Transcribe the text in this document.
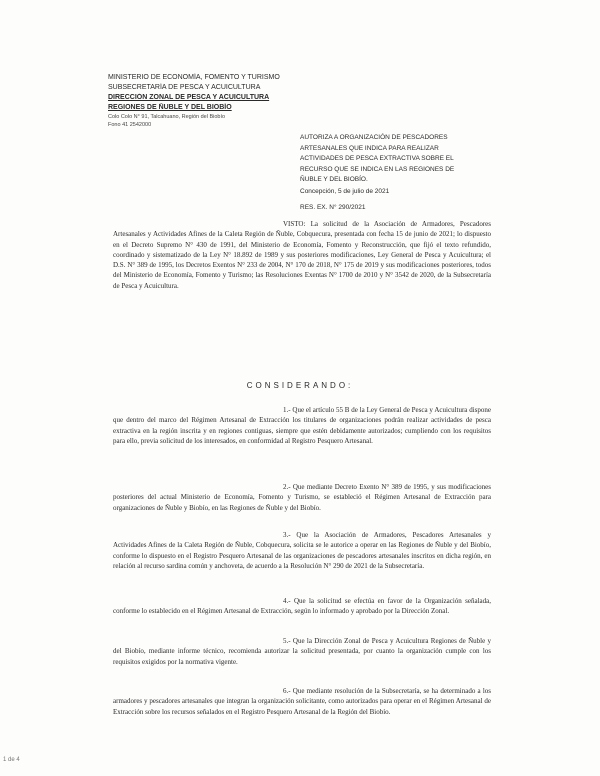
MINISTERIO DE ECONOMÍA, FOMENTO Y TURISMO
SUBSECRETARÍA DE PESCA Y ACUICULTURA
DIRECCIÓN ZONAL DE PESCA Y ACUICULTURA
REGIONES DE ÑUBLE Y DEL BIOBÍO
Colo Colo N° 91, Talcahuano, Región del Biobío
Fono 41 2542000
AUTORIZA A ORGANIZACIÓN DE PESCADORES ARTESANALES QUE INDICA PARA REALIZAR ACTIVIDADES DE PESCA EXTRACTIVA SOBRE EL RECURSO QUE SE INDICA EN LAS REGIONES DE ÑUBLE Y DEL BIOBÍO.
Concepción, 5 de julio de 2021
RES. EX. N° 290/2021

VISTO: La solicitud de la Asociación de Armadores, Pescadores Artesanales y Actividades Afines de la Caleta Región de Ñuble, Cobquecura, presentada con fecha 15 de junio de 2021; lo dispuesto en el Decreto Supremo N° 430 de 1991, del Ministerio de Economía, Fomento y Reconstrucción, que fijó el texto refundido, coordinado y sistematizado de la Ley N° 18.892 de 1989 y sus posteriores modificaciones, Ley General de Pesca y Acuicultura; el D.S. N° 389 de 1995, los Decretos Exentos N° 233 de 2004, N° 170 de 2018, N° 175 de 2019 y sus modificaciones posteriores, todos del Ministerio de Economía, Fomento y Turismo; las Resoluciones Exentas N° 1700 de 2010 y N° 3542 de 2020, de la Subsecretaría de Pesca y Acuicultura.

CONSIDERANDO:

1.- Que el artículo 55 B de la Ley General de Pesca y Acuicultura dispone que dentro del marco del Régimen Artesanal de Extracción los titulares de organizaciones podrán realizar actividades de pesca extractiva en la región inscrita y en regiones contiguas, siempre que estén debidamente autorizados; cumpliendo con los requisitos para ello, previa solicitud de los interesados, en conformidad al Registro Pesquero Artesanal.

2.- Que mediante Decreto Exento N° 389 de 1995, y sus modificaciones posteriores del actual Ministerio de Economía, Fomento y Turismo, se estableció el Régimen Artesanal de Extracción para organizaciones de Ñuble y Biobío, en las Regiones de Ñuble y del Biobío.

3.- Que la Asociación de Armadores, Pescadores Artesanales y Actividades Afines de la Caleta Región de Ñuble, Cobquecura, solicita se le autorice a operar en las Regiones de Ñuble y del Biobío, conforme lo dispuesto en el Registro Pesquero Artesanal de las organizaciones de pescadores artesanales inscritos en dicha región, en relación al recurso sardina común y anchoveta, de acuerdo a la Resolución N° 290 de 2021 de la Subsecretaría.

4.- Que la solicitud se efectúa en favor de la Organización señalada, conforme lo establecido en el Régimen Artesanal de Extracción, según lo informado y aprobado por la Dirección Zonal.

5.- Que la Dirección Zonal de Pesca y Acuicultura Regiones de Ñuble y del Biobío, mediante informe técnico, recomienda autorizar la solicitud presentada, por cuanto la organización cumple con los requisitos exigidos por la normativa vigente.

6.- Que mediante resolución de la Subsecretaría, se ha determinado a los armadores y pescadores artesanales que integran la organización solicitante, como autorizados para operar en el Régimen Artesanal de Extracción sobre los recursos señalados en el Registro Pesquero Artesanal de la Región del Biobío.

1 de 4
